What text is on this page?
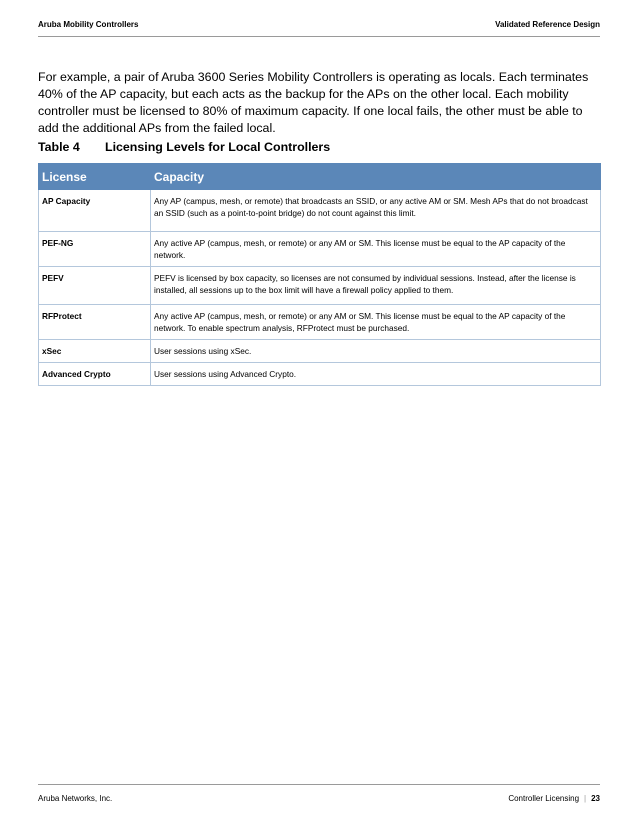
Aruba Mobility Controllers	Validated Reference Design

For example, a pair of Aruba 3600 Series Mobility Controllers is operating as locals. Each terminates 40% of the AP capacity, but each acts as the backup for the APs on the other local. Each mobility controller must be licensed to 80% of maximum capacity. If one local fails, the other must be able to add the additional APs from the failed local.

Table 4 Licensing Levels for Local Controllers

License	Capacity
AP Capacity	Any AP (campus, mesh, or remote) that broadcasts an SSID, or any active AM or SM. Mesh APs that do not broadcast an SSID (such as a point-to-point bridge) do not count against this limit.
PEF-NG	Any active AP (campus, mesh, or remote) or any AM or SM. This license must be equal to the AP capacity of the network.
PEFV	PEFV is licensed by box capacity, so licenses are not consumed by individual sessions. Instead, after the license is installed, all sessions up to the box limit will have a firewall policy applied to them.
RFProtect	Any active AP (campus, mesh, or remote) or any AM or SM. This license must be equal to the AP capacity of the network. To enable spectrum analysis, RFProtect must be purchased.
xSec	User sessions using xSec.
Advanced Crypto	User sessions using Advanced Crypto.
Aruba Networks, Inc.	Controller Licensing | 23
